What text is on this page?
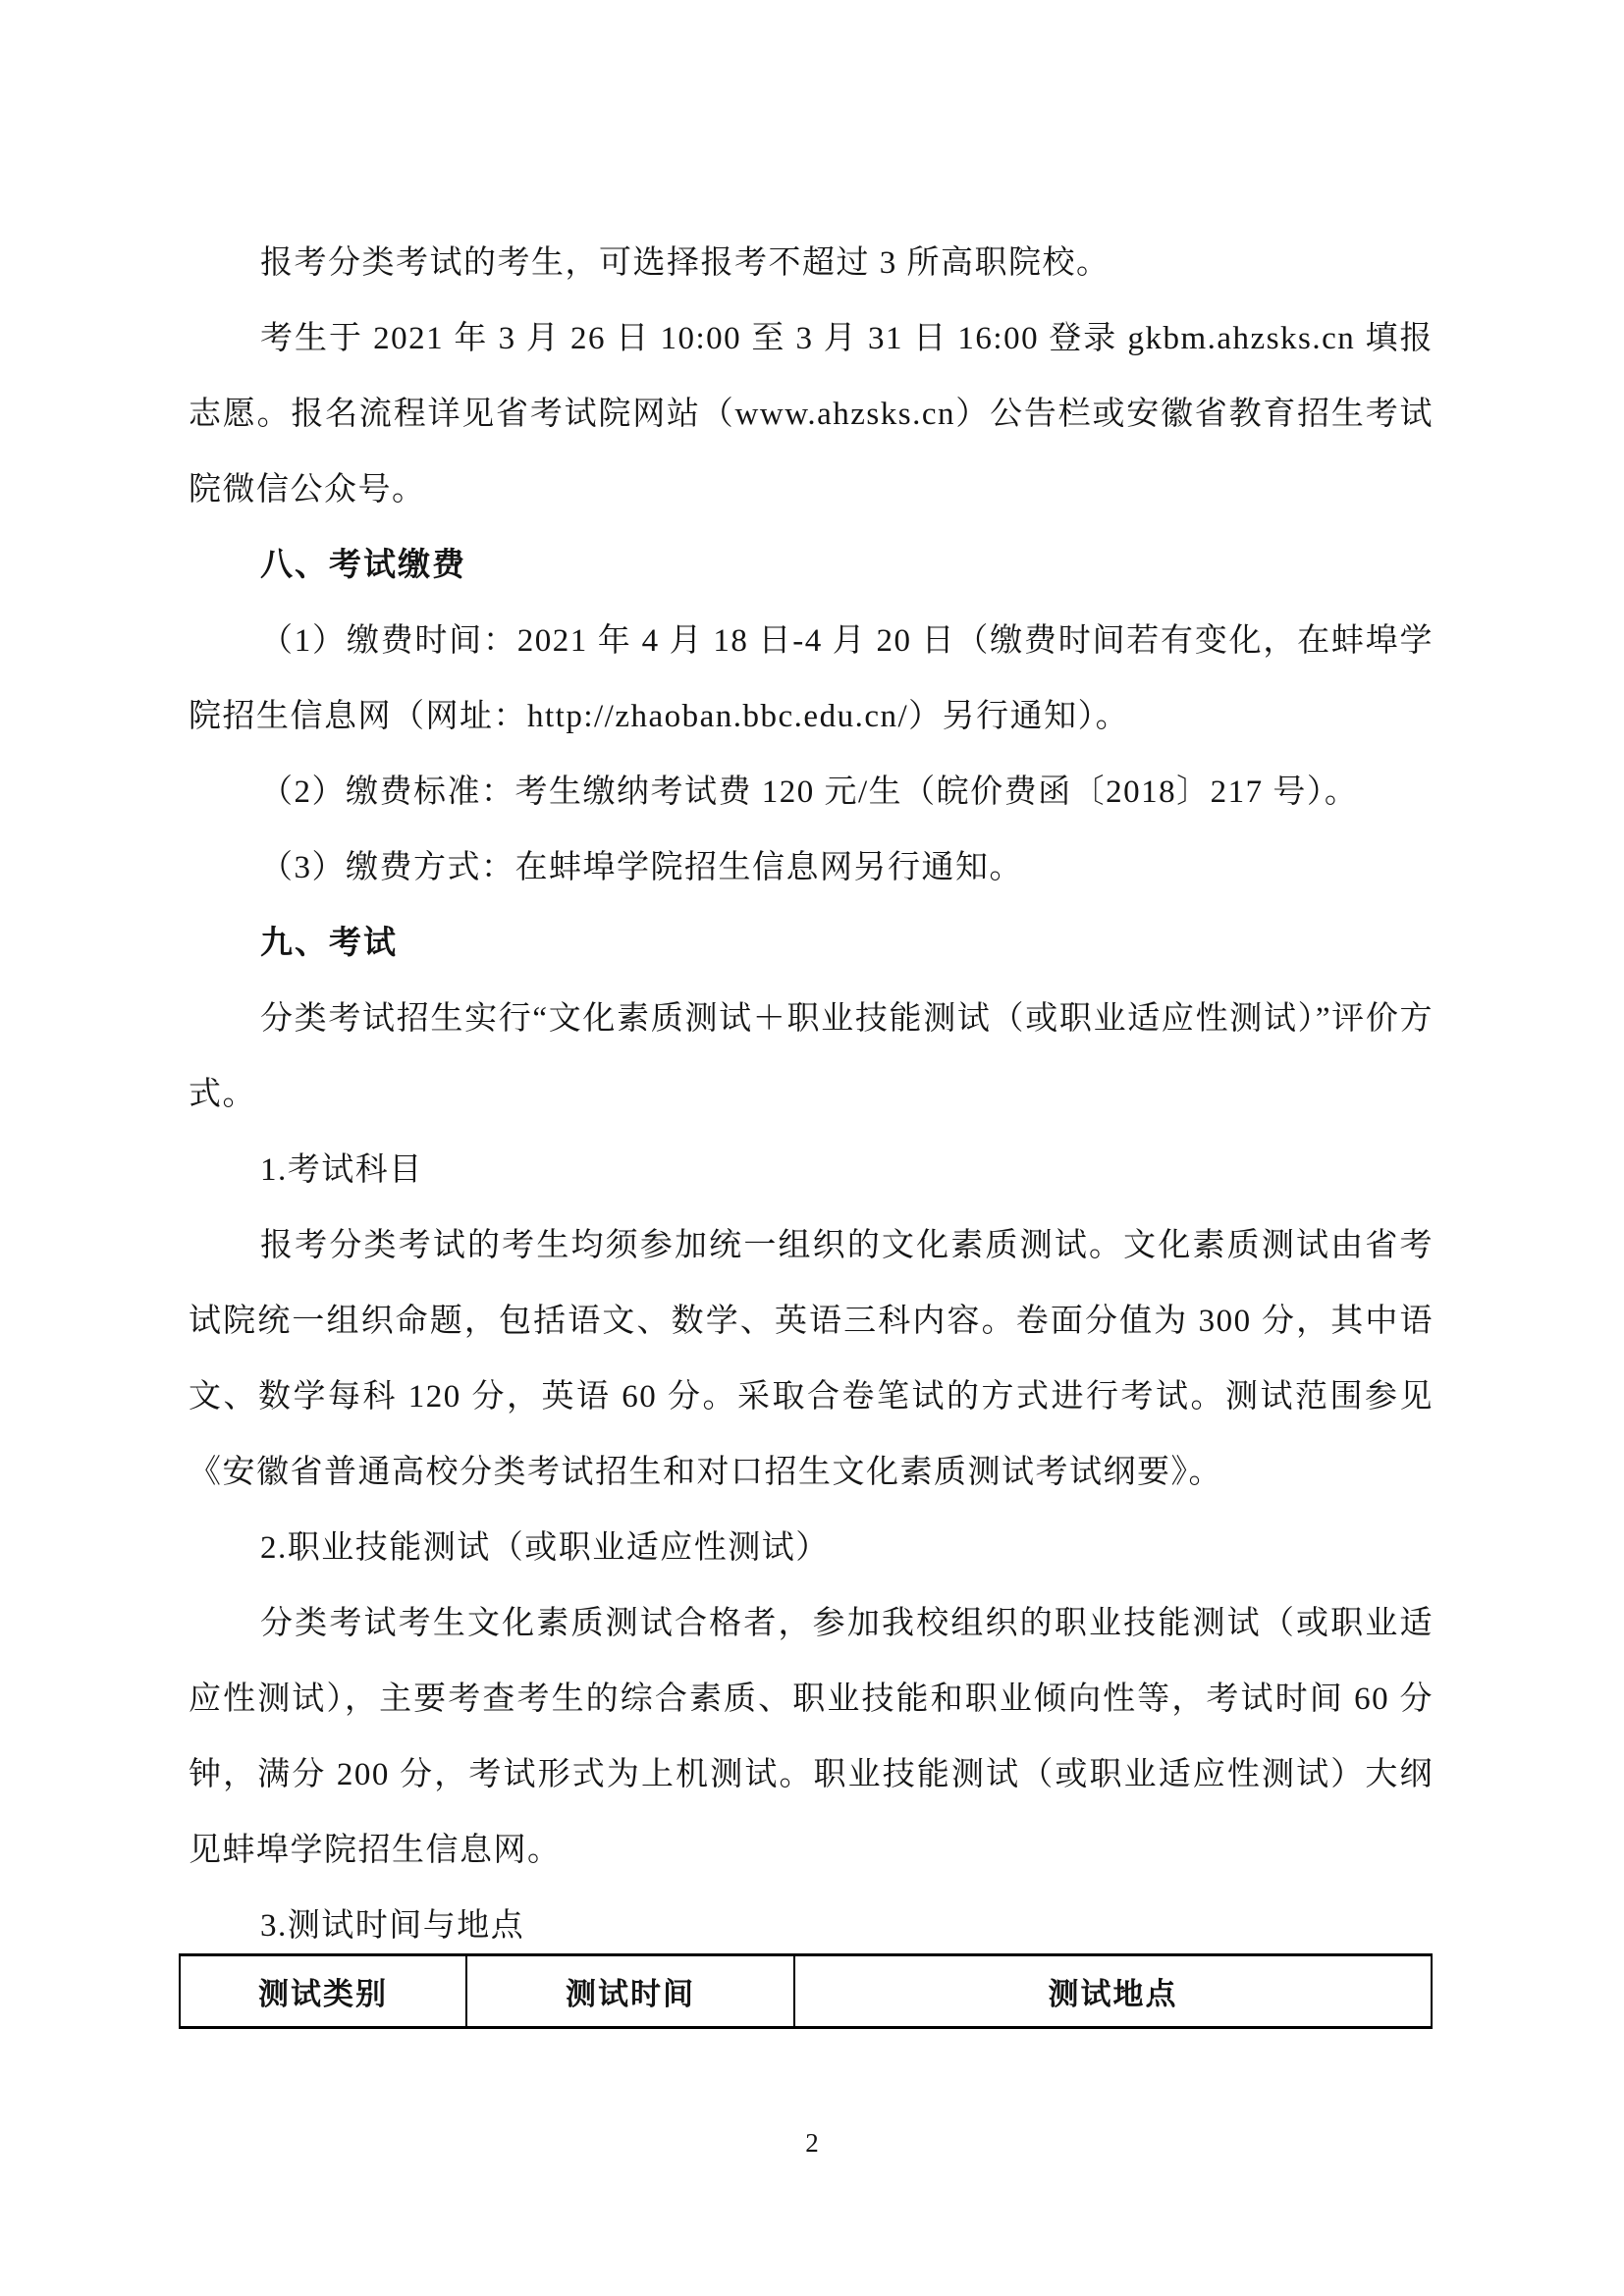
报考分类考试的考生，可选择报考不超过 3 所高职院校。

考生于 2021 年 3 月 26 日 10:00 至 3 月 31 日 16:00 登录 gkbm.ahzsks.cn 填报志愿。报名流程详见省考试院网站（www.ahzsks.cn）公告栏或安徽省教育招生考试院微信公众号。

八、考试缴费

（1）缴费时间：2021 年 4 月 18 日-4 月 20 日（缴费时间若有变化，在蚌埠学院招生信息网（网址：http://zhaoban.bbc.edu.cn/）另行通知）。

（2）缴费标准：考生缴纳考试费 120 元/生（皖价费函〔2018〕217 号）。

（3）缴费方式：在蚌埠学院招生信息网另行通知。

九、考试

分类考试招生实行“文化素质测试＋职业技能测试（或职业适应性测试）”评价方式。

1.考试科目

报考分类考试的考生均须参加统一组织的文化素质测试。文化素质测试由省考试院统一组织命题，包括语文、数学、英语三科内容。卷面分值为 300 分，其中语文、数学每科 120 分，英语 60 分。采取合卷笔试的方式进行考试。测试范围参见《安徽省普通高校分类考试招生和对口招生文化素质测试考试纲要》。

2.职业技能测试（或职业适应性测试）

分类考试考生文化素质测试合格者，参加我校组织的职业技能测试（或职业适应性测试），主要考查考生的综合素质、职业技能和职业倾向性等，考试时间 60 分钟，满分 200 分，考试形式为上机测试。职业技能测试（或职业适应性测试）大纲见蚌埠学院招生信息网。

3.测试时间与地点

测试类别	测试时间	测试地点
2
